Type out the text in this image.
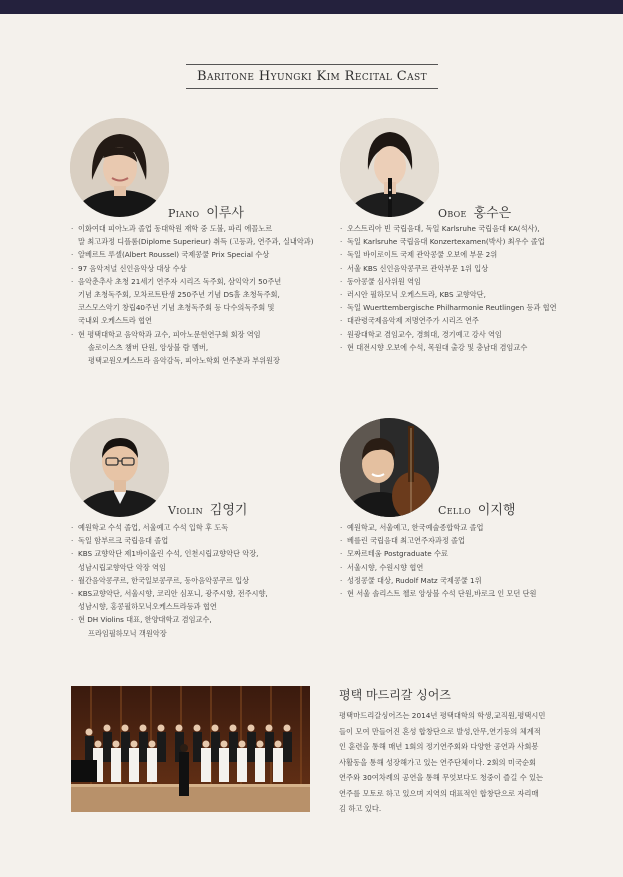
Baritone Hyungki Kim Recital Cast
Piano 이루사
· 이화여대 피아노과 졸업 동대학원 재학 중 도불, 파리 에꼴노르
말 최고과정 디플롬(Diplome Superieur) 취득 (고등과, 연주과, 실내악과)
· 알베르트 루셀(Albert Roussel) 국제콩쿨 Prix Special 수상
· 97 음악저널 신인음악상 대상 수상
· 음악춘추사 초청 21세기 연주자 시리즈 독주회, 삼익악기 50주년
기념 초청독주회, 모차르트탄생 250주년 기념 DS홀 초청독주회,
코스모스악기 창립40주년 기념 초청독주회 등 다수의독주회 및
국내외 오케스트라 협연
· 현 평택대학교 음악학과 교수, 피아노문헌연구회 회장 역임
솔로이스츠 챔버 단원, 앙상블 람 멤버,
평택교원오케스트라 음악감독, 피아노학회 연주분과 부위원장
Oboe 홍수은
· 오스트리아 빈 국립음대, 독일 Karlsruhe 국립음대 KA(석사),
· 독일 Karlsruhe 국립음대 Konzertexamen(박사) 최우수 졸업
· 독일 바이로이트 국제 관악콩쿨 오보에 부문 2위
· 서울 KBS 신인음악콩쿠르 관악부문 1위 입상
· 동아콩쿨 심사위원 역임
· 러시안 필하모닉 오케스트라, KBS 교향악단,
· 독일 Wuerttembergische Philharmonie Reutlingen 등과 협연
· 대관령국제음악제 저명연주가 시리즈 연주
· 원광대학교 겸임교수, 경희대, 경기예고 강사 역임
· 현 대전시향 오보에 수석, 목원대 출강 및 충남대 겸임교수
Violin 김영기
· 예원학교 수석 졸업, 서울예고 수석 입학 후 도독
· 독일 함부르크 국립음대 졸업
· KBS 교향악단 제1바이올린 수석, 인천시립교향악단 악장,
성남시립교향악단 악장 역임
· 월간음악콩쿠르, 한국일보콩쿠르, 동아음악콩쿠르 입상
· KBS교향악단, 서울시향, 코리안 심포니, 광주시향, 전주시향,
성남시향, 홍콩필하모닉오케스트라등과 협연
· 현 DH Violins 대표, 한양대학교 겸임교수,
프라임필하모닉 객원악장
Cello 이지행
· 예원학교, 서울예고, 한국예술종합학교 졸업
· 베를린 국립음대 최고연주자과정 졸업
· 모짜르테움 Postgraduate 수료
· 서울시향, 수원시향 협연
· 성정콩쿨 대상, Rudolf Matz 국제콩쿨 1위
· 현 서울 솔리스트 첼로 앙상블 수석 단원,바로크 인 모던 단원
평택 마드리갈 싱어즈
평택마드리갈싱어즈는 2014년 평택대학의 학생,교직원,평택시민
들이 모여 만들어진 혼성 합창단으로 발성,안무,연기등의 체계적
인 훈련을 통해 매년 1회의 정기연주회와 다양한 공연과 사회봉
사활동을 통해 성장해가고 있는 연주단체이다. 2회의 미국순회
연주와 30여차례의 공연을 통해 무엇보다도 청중이 즐길 수 있는
연주를 모토로 하고 있으며 지역의 대표적인 합창단으로 자리매
김 하고 있다.
